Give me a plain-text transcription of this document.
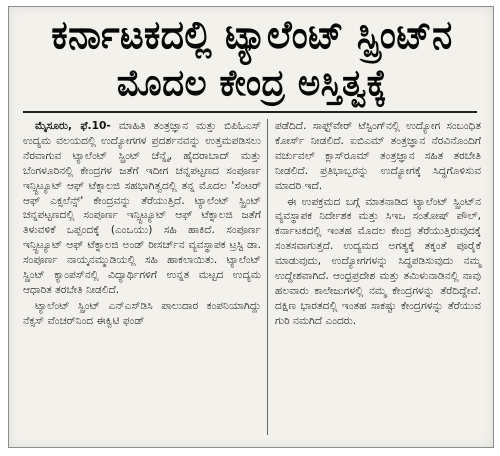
ಕರ್ನಾಟಕದಲ್ಲಿ ಟ್ಯಾಲೆಂಟ್ ಸ್ಪ್ರಿಂಟ್‌ನ
ಮೊದಲ ಕೇಂದ್ರ ಅಸ್ತಿತ್ವಕ್ಕೆ

ಮೈಸೂರು, ಫೆ.10- ಮಾಹಿತಿ ತಂತ್ರಜ್ಞಾನ ಮತ್ತು ಬಿಪಿಓಎಸ್ ಉದ್ಯಮ ವಲಯದಲ್ಲಿ ಉದ್ಯೋಗಗಳ ಪ್ರದರ್ಶನವನ್ನು ಉತ್ತಮಪಡಿಸಲು ನೆರವಾಗುವ ಟ್ಯಾಲೆಂಟ್ ಸ್ಪ್ರಿಂಟ್ ಚೆನ್ನೈ, ಹೈದರಾಬಾದ್ ಮತ್ತು ಬೆಂಗಳೂರಿನಲ್ಲಿ ಕೇಂದ್ರಗಳ ಜತೆಗೆ ಇದೀಗ ಚನ್ನಪಟ್ಟಣದ ಸಂಪೂರ್ಣ ಇನ್ಸ್ಟಿಟ್ಯೂಟ್ ಆಫ್ ಟೆಕ್ನಾಲಜಿ ಸಹಭಾಗಿತ್ವದಲ್ಲಿ ತನ್ನ ಮೊದಲ 'ಸೆಂಟರ್ ಆಫ್ ಎಕ್ಸಲೆನ್ಸ್' ಕೇಂದ್ರವನ್ನು ತೆರೆಯುತ್ತಿದೆ. ಟ್ಯಾಲೆಂಟ್ ಸ್ಪ್ರಿಂಟ್ ಚನ್ನಪಟ್ಟಣದಲ್ಲಿ ಸಂಪೂರ್ಣ ಇನ್ಸ್ಟಿಟ್ಯೂಟ್ ಆಫ್ ಟೆಕ್ನಾಲಜಿ ಜತೆಗೆ ತಿಳುವಳಿಕೆ ಒಪ್ಪಂದಕ್ಕೆ (ಎಂಒಯು) ಸಹಿ ಹಾಕಿದೆ. ಸಂಪೂರ್ಣ ಇನ್ಸ್ಟಿಟ್ಯೂಟ್ ಆಫ್ ಟೆಕ್ನಾಲಜಿ ಅಂಡ್ ರೀಸರ್ಚ್‌ನ ವ್ಯವಸ್ಥಾಪಕ ಟ್ರಸ್ಟಿ ಡಾ. ಸಂಪೂರ್ಣ ನಾಯ್ಕನಮ್ಮುಡಿಯಲ್ಲಿ ಸಹಿ ಹಾಕಲಾಯಿತು. ಟ್ಯಾಲೆಂಟ್ ಸ್ಪ್ರಿಂಟ್ ಕ್ಯಾಂಪಸ್‌ನಲ್ಲಿ ವಿದ್ಯಾರ್ಥಿಗಳಿಗೆ ಉನ್ನತ ಮಟ್ಟದ ಉದ್ಯಮ ಆಧಾರಿತ ತರಬೇತಿ ನೀಡಲಿದೆ.

ಟ್ಯಾಲೆಂಟ್ ಸ್ಪ್ರಿಂಟ್ ಎನ್‌ಎಸ್‌ಡಿಸಿ ಪಾಲುದಾರ ಕಂಪನಿಯಾಗಿದ್ದು ನೆಕ್ಸಸ್ ವೆಂಚರ್‌ನಿಂದ ಈಕ್ವಿಟಿ ಫಂಡ್

ಪಡೆದಿದೆ. ಸಾಫ್ಟ್‌ವೇರ್ ಟೆಸ್ಟಿಂಗ್‌ನಲ್ಲಿ ಉದ್ಯೋಗ ಸಂಬಂಧಿತ ಕೋರ್ಸ್ ನೀಡಲಿದೆ. ಐಬಿಎಮ್ ತಂತ್ರಜ್ಞಾನ ನೆರವಿನೊಂದಿಗೆ ವರ್ಚುವಲ್ ಕ್ಲಾಸ್‌ರೂಮ್ ತಂತ್ರಜ್ಞಾನ ಸಹಿತ ತರಬೇತಿ ನೀಡಲಿದೆ. ಪ್ರತಿಭಾಬ್ಬರನ್ನು ಉದ್ಯೋಗಕ್ಕೆ ಸಿದ್ಧಗೊಳಿಸುವ ಮಾದರಿ ಇದೆ.

ಈ ಉಪಕ್ರಮದ ಬಗ್ಗೆ ಮಾತನಾಡಿದ ಟ್ಯಾಲೆಂಟ್ ಸ್ಪ್ರಿಂಟ್‌ನ ವ್ಯವಸ್ಥಾಪಕ ನಿರ್ದೇಶಕ ಮತ್ತು ಸಿಇಒ ಸಂತೋಷ್ ಪೌಲ್, ಕರ್ನಾಟಕದಲ್ಲಿ ಇಂತಹ ಮೊದಲ ಕೇಂದ್ರ ತೆರೆಯುತ್ತಿರುವುದಕ್ಕೆ ಸಂತಸವಾಗುತ್ತದೆ. ಉದ್ಯಮದ ಅಗತ್ಯಕ್ಕೆ ತಕ್ಕಂತೆ ಪೂರೈಕೆ ಮಾಡುವುದು, ಉದ್ಯೋಗಗಳನ್ನು ಸಿದ್ಧಪಡಿಸುವುದು ನಮ್ಮ ಉದ್ದೇಶವಾಗಿದೆ. ಆಂಧ್ರಪ್ರದೇಶ ಮತ್ತು ತಮಿಳುನಾಡಿನಲ್ಲಿ ನಾವು ಹಲವಾರು ಕಾಲೇಜುಗಳಲ್ಲಿ ನಮ್ಮ ಕೇಂದ್ರಗಳನ್ನು ತೆರೆದಿದ್ದೇವೆ. ದಕ್ಷಿಣ ಭಾರತದಲ್ಲಿ ಇಂತಹ ಸಾಕಷ್ಟು ಕೇಂದ್ರಗಳನ್ನು ತೆರೆಯುವ ಗುರಿ ನಮಗಿದೆ ಎಂದರು.
